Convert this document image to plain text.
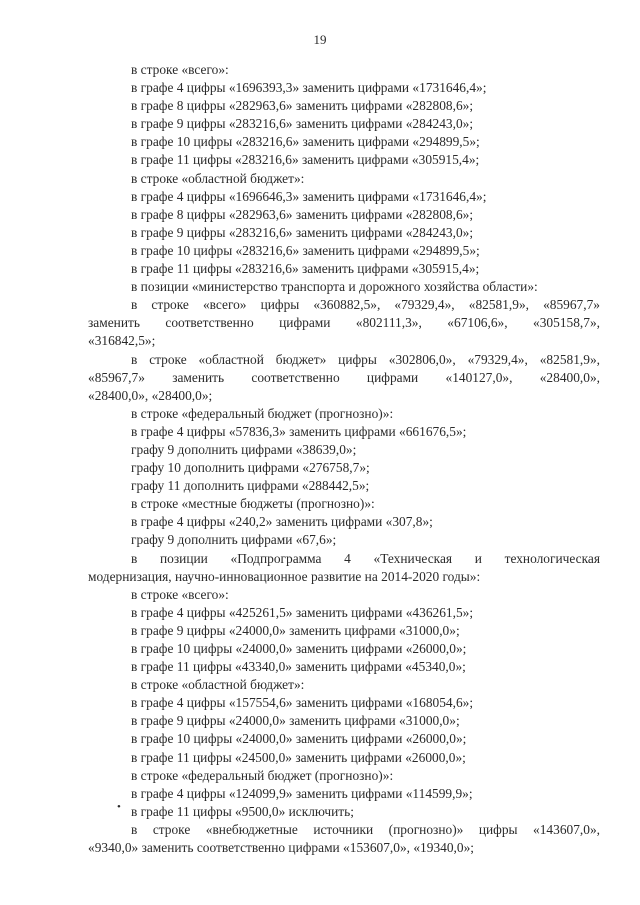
19
в строке «всего»:
в графе 4 цифры «1696393,3» заменить цифрами «1731646,4»;
в графе 8 цифры «282963,6» заменить цифрами «282808,6»;
в графе 9 цифры «283216,6» заменить цифрами «284243,0»;
в графе 10 цифры «283216,6» заменить цифрами «294899,5»;
в графе 11 цифры «283216,6» заменить цифрами «305915,4»;
в строке «областной бюджет»:
в графе 4 цифры «1696646,3» заменить цифрами «1731646,4»;
в графе 8 цифры «282963,6» заменить цифрами «282808,6»;
в графе 9 цифры «283216,6» заменить цифрами «284243,0»;
в графе 10 цифры «283216,6» заменить цифрами «294899,5»;
в графе 11 цифры «283216,6» заменить цифрами «305915,4»;
в позиции «министерство транспорта и дорожного хозяйства области»:
в строке «всего» цифры «360882,5», «79329,4», «82581,9», «85967,7»
заменить соответственно цифрами «802111,3», «67106,6», «305158,7»,
«316842,5»;
в строке «областной бюджет» цифры «302806,0», «79329,4», «82581,9»,
«85967,7» заменить соответственно цифрами «140127,0», «28400,0»,
«28400,0», «28400,0»;
в строке «федеральный бюджет (прогнозно)»:
в графе 4 цифры «57836,3» заменить цифрами «661676,5»;
графу 9 дополнить цифрами «38639,0»;
графу 10 дополнить цифрами «276758,7»;
графу 11 дополнить цифрами «288442,5»;
в строке «местные бюджеты (прогнозно)»:
в графе 4 цифры «240,2» заменить цифрами «307,8»;
графу 9 дополнить цифрами «67,6»;
в позиции «Подпрограмма 4 «Техническая и технологическая
модернизация, научно-инновационное развитие на 2014-2020 годы»:
в строке «всего»:
в графе 4 цифры «425261,5» заменить цифрами «436261,5»;
в графе 9 цифры «24000,0» заменить цифрами «31000,0»;
в графе 10 цифры «24000,0» заменить цифрами «26000,0»;
в графе 11 цифры «43340,0» заменить цифрами «45340,0»;
в строке «областной бюджет»:
в графе 4 цифры «157554,6» заменить цифрами «168054,6»;
в графе 9 цифры «24000,0» заменить цифрами «31000,0»;
в графе 10 цифры «24000,0» заменить цифрами «26000,0»;
в графе 11 цифры «24500,0» заменить цифрами «26000,0»;
в строке «федеральный бюджет (прогнозно)»:
в графе 4 цифры «124099,9» заменить цифрами «114599,9»;
в графе 11 цифры «9500,0» исключить;
в строке «внебюджетные источники (прогнозно)» цифры «143607,0»,
«9340,0» заменить соответственно цифрами «153607,0», «19340,0»;
•
